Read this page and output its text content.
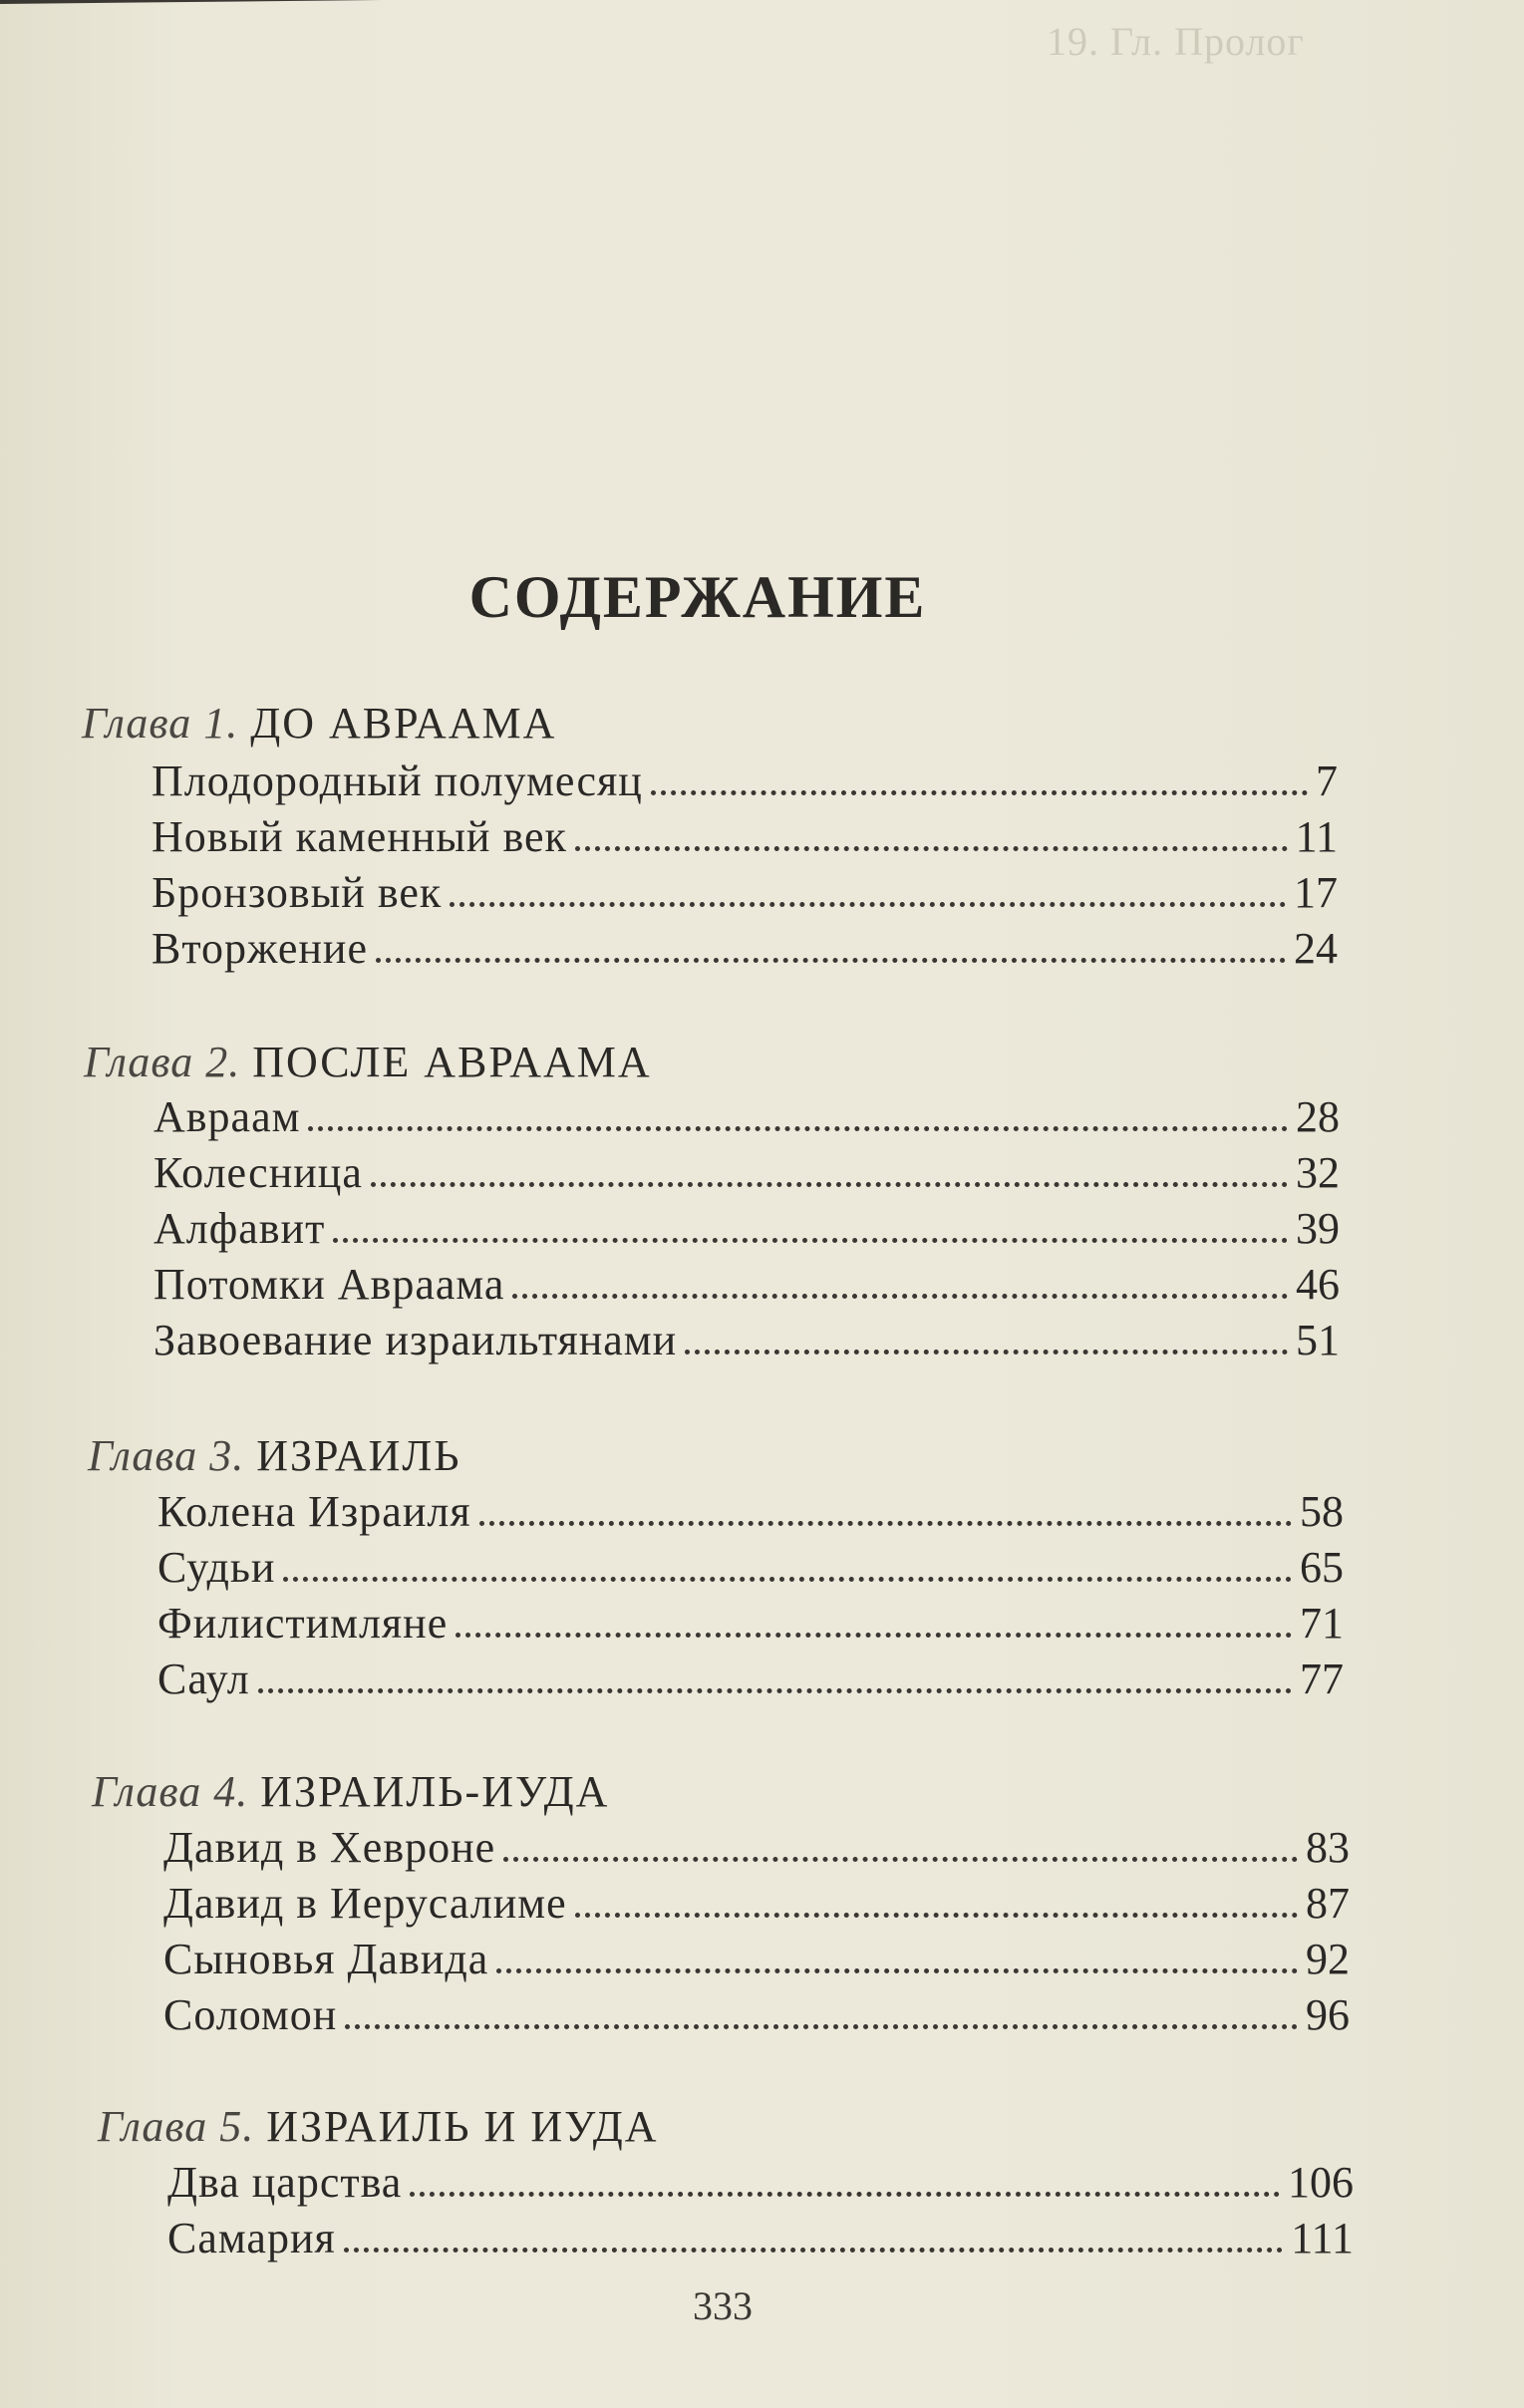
19. Гл. Пролог
СОДЕРЖАНИЕ
Глава 1. ДО АВРААМА
Плодородный полумесяц	7
Новый каменный век	11
Бронзовый век	17
Вторжение	24
Глава 2. ПОСЛЕ АВРААМА
Авраам	28
Колесница	32
Алфавит	39
Потомки Авраама	46
Завоевание израильтянами	51
Глава 3. ИЗРАИЛЬ
Колена Израиля	58
Судьи	65
Филистимляне	71
Саул	77
Глава 4. ИЗРАИЛЬ-ИУДА
Давид в Хевроне	83
Давид в Иерусалиме	87
Сыновья Давида	92
Соломон	96
Глава 5. ИЗРАИЛЬ И ИУДА
Два царства	106
Самария	111
333
